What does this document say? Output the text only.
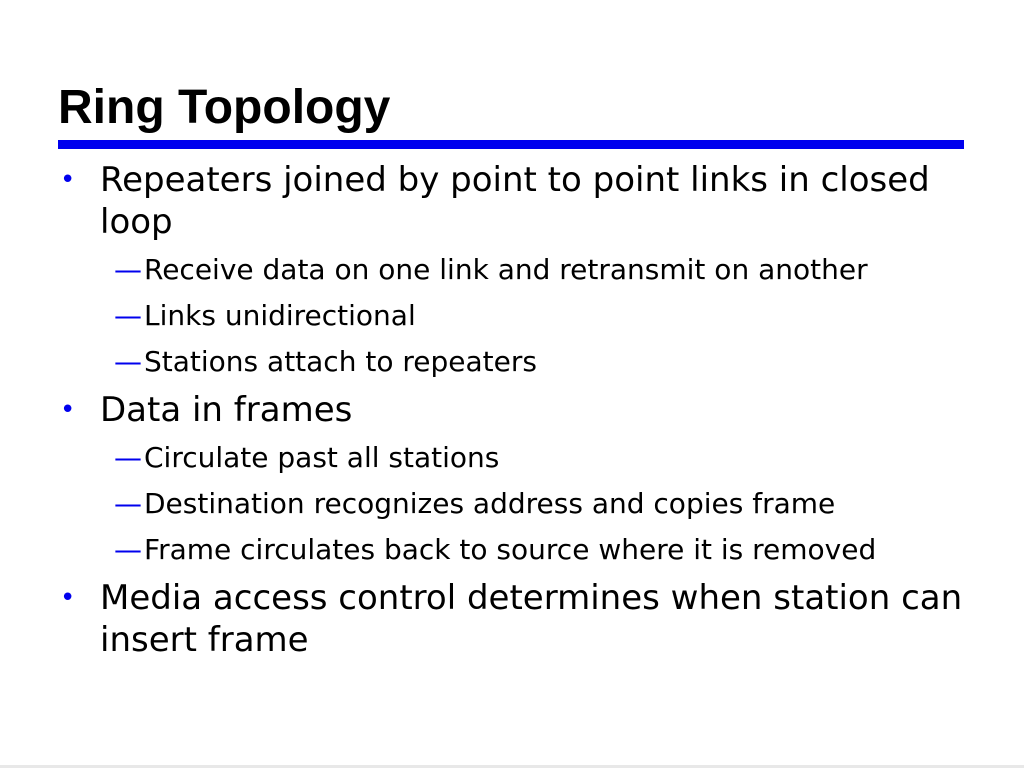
Ring Topology
• Repeaters joined by point to point links in closed loop
— Receive data on one link and retransmit on another
— Links unidirectional
— Stations attach to repeaters
• Data in frames
— Circulate past all stations
— Destination recognizes address and copies frame
— Frame circulates back to source where it is removed
• Media access control determines when station can insert frame
